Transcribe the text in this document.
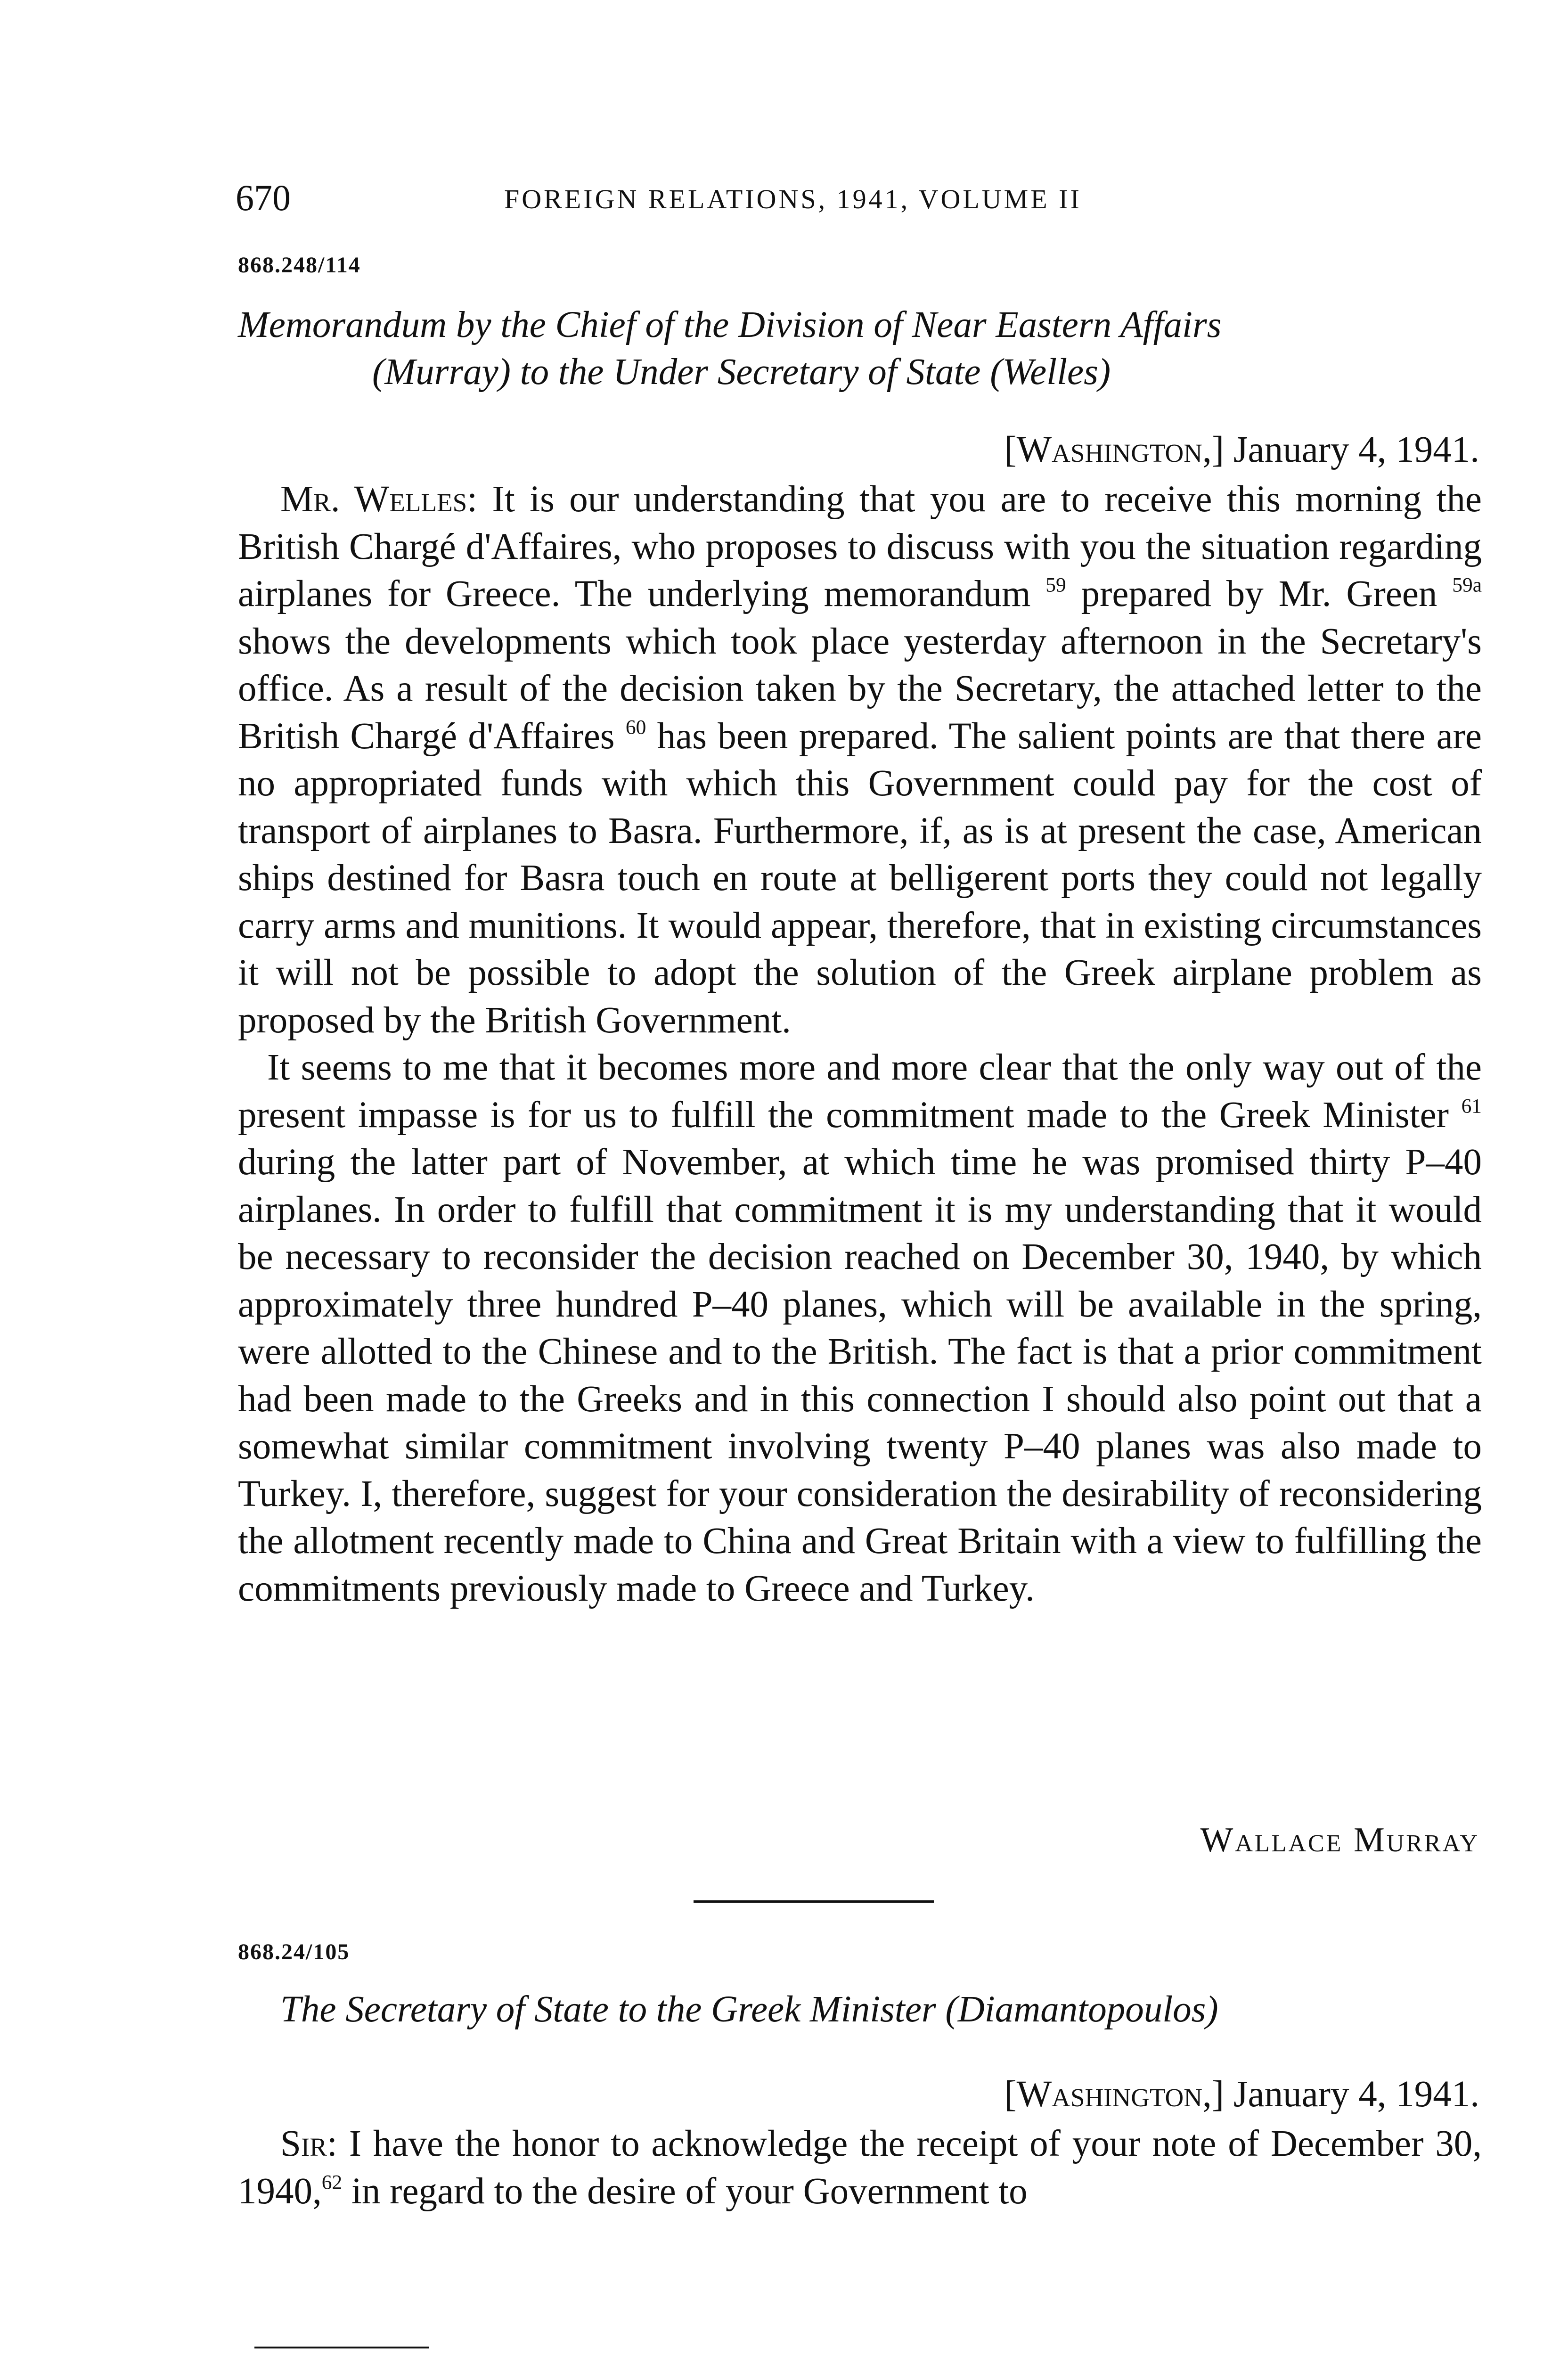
670	FOREIGN RELATIONS, 1941, VOLUME II
868.248/114
Memorandum by the Chief of the Division of Near Eastern Affairs
(Murray) to the Under Secretary of State (Welles)
[Washington,] January 4, 1941.

Mr. Welles: It is our understanding that you are to receive this morning the British Chargé d'Affaires, who proposes to discuss with you the situation regarding airplanes for Greece. The underlying memorandum $^{59}$ prepared by Mr. Green $^{59a}$ shows the developments which took place yesterday afternoon in the Secretary's office. As a result of the decision taken by the Secretary, the attached letter to the British Chargé d'Affaires $^{60}$ has been prepared. The salient points are that there are no appropriated funds with which this Government could pay for the cost of transport of airplanes to Basra. Furthermore, if, as is at present the case, American ships destined for Basra touch en route at belligerent ports they could not legally carry arms and munitions. It would appear, therefore, that in existing circumstances it will not be possible to adopt the solution of the Greek airplane problem as proposed by the British Government.

It seems to me that it becomes more and more clear that the only way out of the present impasse is for us to fulfill the commitment made to the Greek Minister $^{61}$ during the latter part of November, at which time he was promised thirty P–40 airplanes. In order to fulfill that commitment it is my understanding that it would be necessary to reconsider the decision reached on December 30, 1940, by which approximately three hundred P–40 planes, which will be available in the spring, were allotted to the Chinese and to the British. The fact is that a prior commitment had been made to the Greeks and in this connection I should also point out that a somewhat similar commitment involving twenty P–40 planes was also made to Turkey. I, therefore, suggest for your consideration the desirability of reconsidering the allotment recently made to China and Great Britain with a view to fulfilling the commitments previously made to Greece and Turkey.

Wallace Murray
868.24/105
The Secretary of State to the Greek Minister (Diamantopoulos)
[Washington,] January 4, 1941.

Sir: I have the honor to acknowledge the receipt of your note of December 30, 1940,62 in regard to the desire of your Government to
